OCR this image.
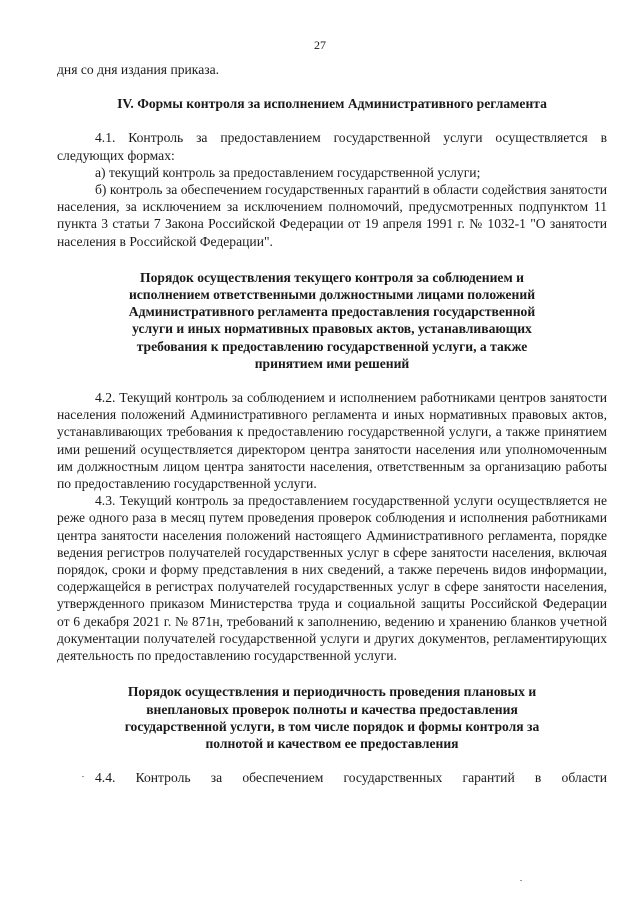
27

дня со дня издания приказа.

IV. Формы контроля за исполнением Административного регламента

4.1. Контроль за предоставлением государственной услуги осуществляется в следующих формах:

а) текущий контроль за предоставлением государственной услуги;

б) контроль за обеспечением государственных гарантий в области содействия занятости населения, за исключением за исключением полномочий, предусмотренных подпунктом 11 пункта 3 статьи 7 Закона Российской Федерации от 19 апреля 1991 г. № 1032-1 "О занятости населения в Российской Федерации".

Порядок осуществления текущего контроля за соблюдением и исполнением ответственными должностными лицами положений Административного регламента предоставления государственной услуги и иных нормативных правовых актов, устанавливающих требования к предоставлению государственной услуги, а также принятием ими решений

4.2. Текущий контроль за соблюдением и исполнением работниками центров занятости населения положений Административного регламента и иных нормативных правовых актов, устанавливающих требования к предоставлению государственной услуги, а также принятием ими решений осуществляется директором центра занятости населения или уполномоченным им должностным лицом центра занятости населения, ответственным за организацию работы по предоставлению государственной услуги.

4.3. Текущий контроль за предоставлением государственной услуги осуществляется не реже одного раза в месяц путем проведения проверок соблюдения и исполнения работниками центра занятости населения положений настоящего Административного регламента, порядке ведения регистров получателей государственных услуг в сфере занятости населения, включая порядок, сроки и форму представления в них сведений, а также перечень видов информации, содержащейся в регистрах получателей государственных услуг в сфере занятости населения, утвержденного приказом Министерства труда и социальной защиты Российской Федерации от 6 декабря 2021 г. № 871н, требований к заполнению, ведению и хранению бланков учетной документации получателей государственной услуги и других документов, регламентирующих деятельность по предоставлению государственной услуги.

Порядок осуществления и периодичность проведения плановых и внеплановых проверок полноты и качества предоставления государственной услуги, в том числе порядок и формы контроля за полнотой и качеством ее предоставления

4.4. Контроль за обеспечением государственных гарантий в области
